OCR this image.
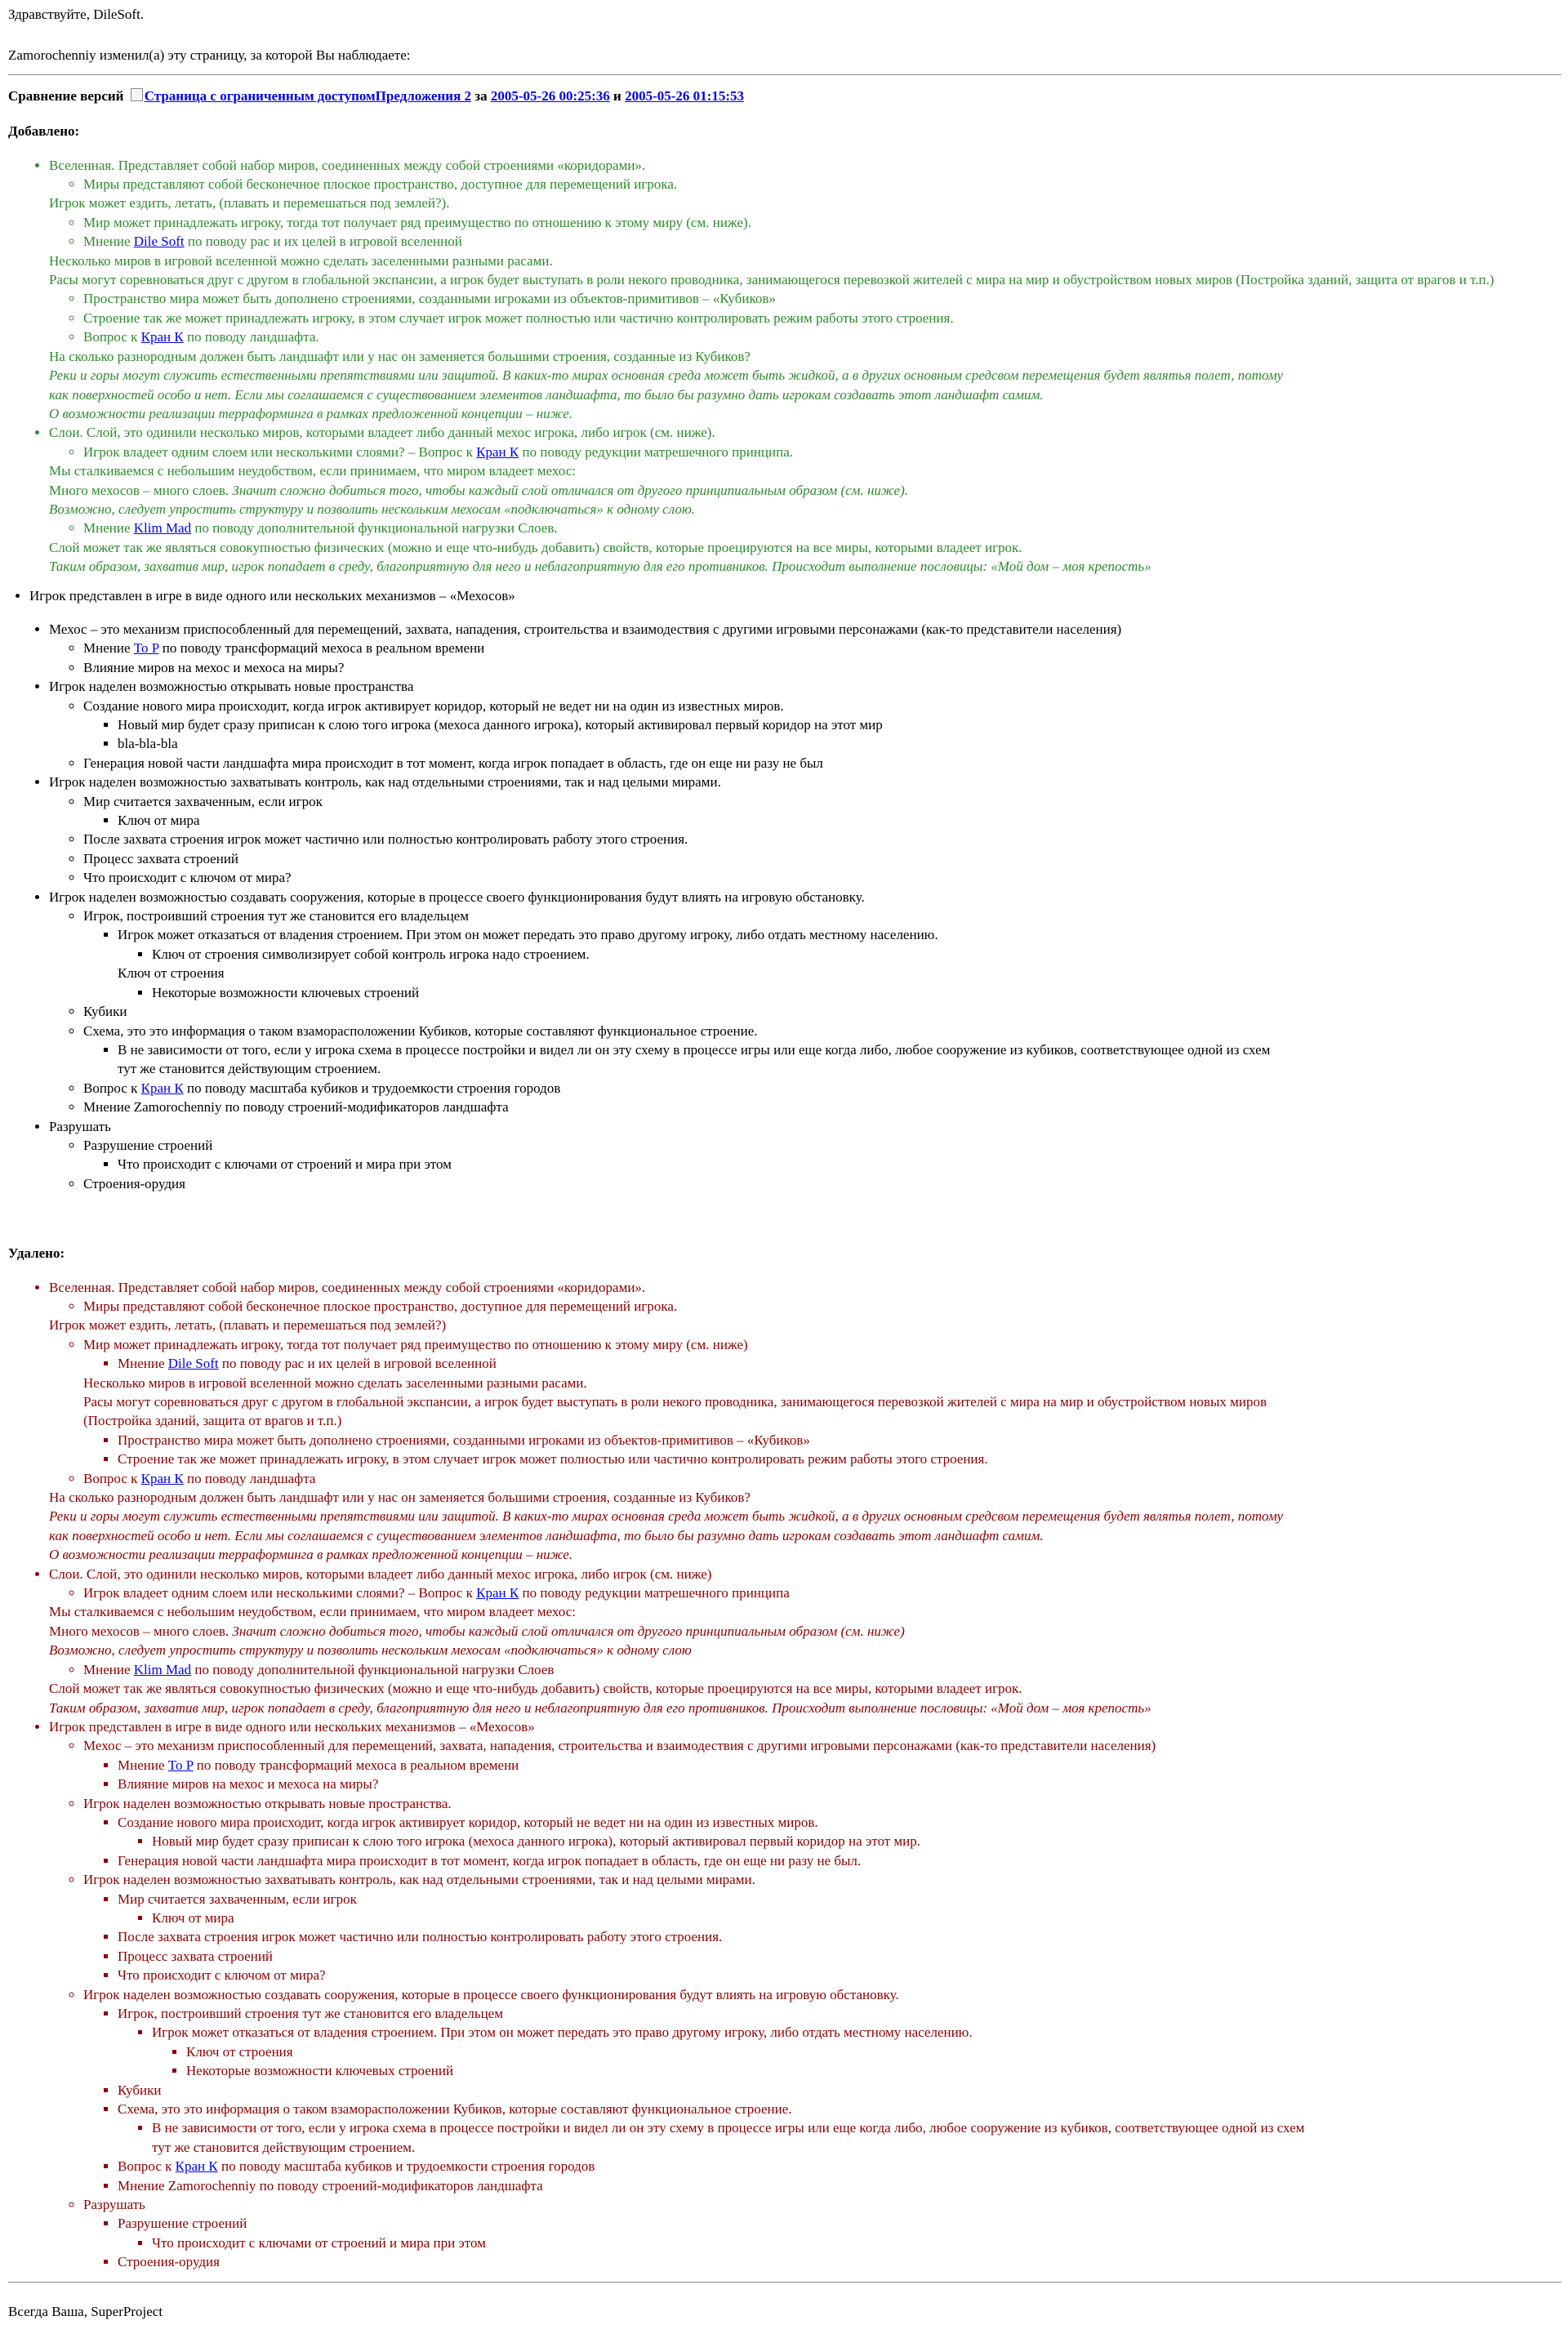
Здравствуйте, DileSoft.

Zamorochenniy изменил(а) эту страницу, за которой Вы наблюдаете:

Сравнение версий Страница с ограниченным доступомПредложения 2 за 2005-05-26 00:25:36 и 2005-05-26 01:15:53
Добавлено:
• Вселенная. Представляет собой набор миров, соединенных между собой строениями «коридорами».
◦ Миры представляют собой бесконечное плоское пространство, доступное для перемещений игрока.
Игрок может ездить, летать, (плавать и перемешаться под землей?).
◦ Мир может принадлежать игроку, тогда тот получает ряд преимущество по отношению к этому миру (см. ниже).
◦ Мнение Dile Soft по поводу рас и их целей в игровой вселенной
Несколько миров в игровой вселенной можно сделать заселенными разными расами.
Расы могут соревноваться друг с другом в глобальной экспансии, а игрок будет выступать в роли некого проводника, занимающегося перевозкой жителей с мира на мир и обустройством новых миров (Постройка зданий, защита от врагов и т.п.)
◦ Пространство мира может быть дополнено строениями, созданными игроками из объектов-примитивов – «Кубиков»
◦ Строение так же может принадлежать игроку, в этом случает игрок может полностью или частично контролировать режим работы этого строения.
◦ Вопрос к Кран К по поводу ландшафта.
На сколько разнородным должен быть ландшафт или у нас он заменяется большими строения, созданные из Кубиков?
Реки и горы могут служить естественными препятствиями или защитой. В каких-то мирах основная среда может быть жидкой, а в других основным средсвом перемещения будет являтья полет, потому
как поверхностей особо и нет. Если мы соглашаемся с существованием элементов ландшафта, то было бы разумно дать игрокам создавать этот ландшафт самим.
О возможности реализации терраформинга в рамках предложенной концепции – ниже.
• Слои. Слой, это одинили несколько миров, которыми владеет либо данный мехос игрока, либо игрок (см. ниже).
◦ Игрок владеет одним слоем или несколькими слоями? – Вопрос к Кран К по поводу редукции матрешечного принципа.
Мы сталкиваемся с небольшим неудобством, если принимаем, что миром владеет мехос:
Много мехосов – много слоев. Значит сложно добиться того, чтобы каждый слой отличался от другого принципиальным образом (см. ниже).
Возможно, следует упростить структуру и позволить нескольким мехосам «подключаться» к одному слою.
◦ Мнение Klim Mad по поводу дополнительной функциональной нагрузки Слоев.
Слой может так же являться совокупностью физических (можно и еще что-нибудь добавить) свойств, которые проецируются на все миры, которыми владеет игрок.
Таким образом, захватив мир, игрок попадает в среду, благоприятную для него и неблагоприятную для его противников. Происходит выполнение пословицы: «Мой дом – моя крепость»
• Игрок представлен в игре в виде одного или нескольких механизмов – «Мехосов»
• Мехос – это механизм приспособленный для перемещений, захвата, нападения, строительства и взаимодествия с другими игровыми персонажами (как-то представители населения)
◦ Мнение To P по поводу трансформаций мехоса в реальном времени
◦ Влияние миров на мехос и мехоса на миры?
• Игрок наделен возможностью открывать новые пространства
◦ Создание нового мира происходит, когда игрок активирует коридор, который не ведет ни на один из известных миров.
▪ Новый мир будет сразу приписан к слою того игрока (мехоса данного игрока), который активировал первый коридор на этот мир
▪ bla-bla-bla
◦ Генерация новой части ландшафта мира происходит в тот момент, когда игрок попадает в область, где он еще ни разу не был
• Игрок наделен возможностью захватывать контроль, как над отдельными строениями, так и над целыми мирами.
◦ Мир считается захваченным, если игрок
▪ Ключ от мира
◦ После захвата строения игрок может частично или полностью контролировать работу этого строения.
◦ Процесс захвата строений
◦ Что происходит с ключом от мира?
• Игрок наделен возможностью создавать сооружения, которые в процессе своего функционирования будут влиять на игровую обстановку.
◦ Игрок, построивший строения тут же становится его владельцем
▪ Игрок может отказаться от владения строением. При этом он может передать это право другому игроку, либо отдать местному населению.
▪ Ключ от строения символизирует собой контроль игрока надо строением.
Ключ от строения
▪ Некоторые возможности ключевых строений
◦ Кубики
◦ Схема, это это информация о таком взаморасположении Кубиков, которые составляют функциональное строение.
▪ В не зависимости от того, если у игрока схема в процессе постройки и видел ли он эту схему в процессе игры или еще когда либо, любое сооружение из кубиков, соответствующее одной из схем
тут же становится действующим строением.
◦ Вопрос к Кран К по поводу масштаба кубиков и трудоемкости строения городов
◦ Мнение Zamorochenniy по поводу строений-модификаторов ландшафта
• Разрушать
◦ Разрушение строений
▪ Что происходит с ключами от строений и мира при этом
◦ Строения-орудия
Удалено:
• Вселенная. Представляет собой набор миров, соединенных между собой строениями «коридорами».
◦ Миры представляют собой бесконечное плоское пространство, доступное для перемещений игрока.
Игрок может ездить, летать, (плавать и перемешаться под землей?)
◦ Мир может принадлежать игроку, тогда тот получает ряд преимущество по отношению к этому миру (см. ниже)
▪ Мнение Dile Soft по поводу рас и их целей в игровой вселенной
Несколько миров в игровой вселенной можно сделать заселенными разными расами.
Расы могут соревноваться друг с другом в глобальной экспансии, а игрок будет выступать в роли некого проводника, занимающегося перевозкой жителей с мира на мир и обустройством новых миров
(Постройка зданий, защита от врагов и т.п.)
▪ Пространство мира может быть дополнено строениями, созданными игроками из объектов-примитивов – «Кубиков»
▪ Строение так же может принадлежать игроку, в этом случает игрок может полностью или частично контролировать режим работы этого строения.
◦ Вопрос к Кран К по поводу ландшафта
На сколько разнородным должен быть ландшафт или у нас он заменяется большими строения, созданные из Кубиков?
Реки и горы могут служить естественными препятствиями или защитой. В каких-то мирах основная среда может быть жидкой, а в других основным средсвом перемещения будет являтья полет, потому
как поверхностей особо и нет. Если мы соглашаемся с существованием элементов ландшафта, то было бы разумно дать игрокам создавать этот ландшафт самим.
О возможности реализации терраформинга в рамках предложенной концепции – ниже.
• Слои. Слой, это одинили несколько миров, которыми владеет либо данный мехос игрока, либо игрок (см. ниже)
◦ Игрок владеет одним слоем или несколькими слоями? – Вопрос к Кран К по поводу редукции матрешечного принципа
Мы сталкиваемся с небольшим неудобством, если принимаем, что миром владеет мехос:
Много мехосов – много слоев. Значит сложно добиться того, чтобы каждый слой отличался от другого принципиальным образом (см. ниже)
Возможно, следует упростить структуру и позволить нескольким мехосам «подключаться» к одному слою
◦ Мнение Klim Mad по поводу дополнительной функциональной нагрузки Слоев
Слой может так же являться совокупностью физических (можно и еще что-нибудь добавить) свойств, которые проецируются на все миры, которыми владеет игрок.
Таким образом, захватив мир, игрок попадает в среду, благоприятную для него и неблагоприятную для его противников. Происходит выполнение пословицы: «Мой дом – моя крепость»
• Игрок представлен в игре в виде одного или нескольких механизмов – «Мехосов»
◦ Мехос – это механизм приспособленный для перемещений, захвата, нападения, строительства и взаимодествия с другими игровыми персонажами (как-то представители населения)
▪ Мнение To P по поводу трансформаций мехоса в реальном времени
▪ Влияние миров на мехос и мехоса на миры?
◦ Игрок наделен возможностью открывать новые пространства.
▪ Создание нового мира происходит, когда игрок активирует коридор, который не ведет ни на один из известных миров.
▪ Новый мир будет сразу приписан к слою того игрока (мехоса данного игрока), который активировал первый коридор на этот мир.
▪ Генерация новой части ландшафта мира происходит в тот момент, когда игрок попадает в область, где он еще ни разу не был.
◦ Игрок наделен возможностью захватывать контроль, как над отдельными строениями, так и над целыми мирами.
▪ Мир считается захваченным, если игрок
▪ Ключ от мира
▪ После захвата строения игрок может частично или полностью контролировать работу этого строения.
▪ Процесс захвата строений
▪ Что происходит с ключом от мира?
◦ Игрок наделен возможностью создавать сооружения, которые в процессе своего функционирования будут влиять на игровую обстановку.
▪ Игрок, построивший строения тут же становится его владельцем
▪ Игрок может отказаться от владения строением. При этом он может передать это право другому игроку, либо отдать местному населению.
▪ Ключ от строения
▪ Некоторые возможности ключевых строений
▪ Кубики
▪ Схема, это это информация о таком взаморасположении Кубиков, которые составляют функциональное строение.
▪ В не зависимости от того, если у игрока схема в процессе постройки и видел ли он эту схему в процессе игры или еще когда либо, любое сооружение из кубиков, соответствующее одной из схем
тут же становится действующим строением.
▪ Вопрос к Кран К по поводу масштаба кубиков и трудоемкости строения городов
▪ Мнение Zamorochenniy по поводу строений-модификаторов ландшафта
◦ Разрушать
▪ Разрушение строений
▪ Что происходит с ключами от строений и мира при этом
▪ Строения-орудия

Всегда Ваша, SuperProject
